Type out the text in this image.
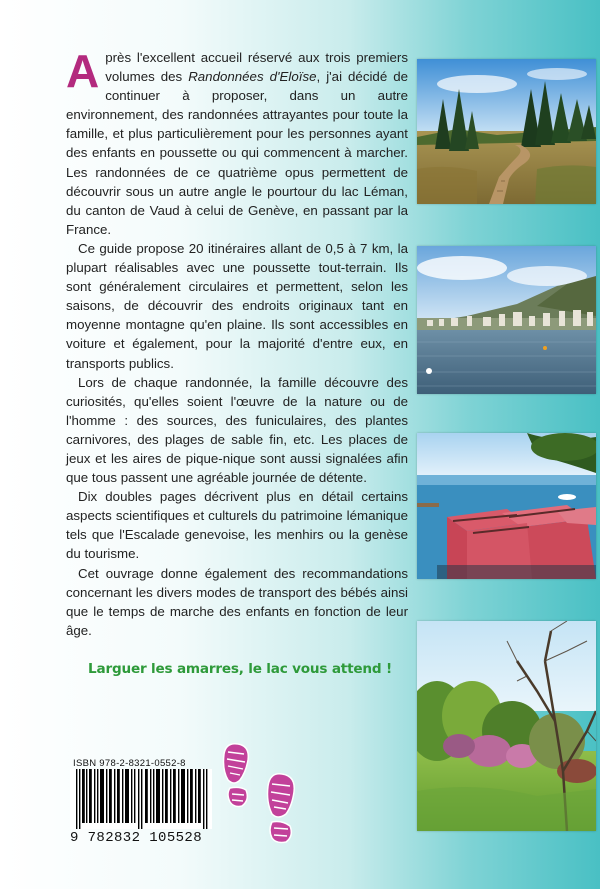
Après l'excellent accueil réservé aux trois premiers volumes des Randonnées d'Eloïse, j'ai décidé de continuer à proposer, dans un autre environnement, des randonnées attrayantes pour toute la famille, et plus particulièrement pour les personnes ayant des enfants en poussette ou qui commencent à marcher. Les randonnées de ce quatrième opus permettent de découvrir sous un autre angle le pourtour du lac Léman, du canton de Vaud à celui de Genève, en passant par la France.

Ce guide propose 20 itinéraires allant de 0,5 à 7 km, la plupart réalisables avec une poussette tout-terrain. Ils sont généralement circulaires et permettent, selon les saisons, de découvrir des endroits originaux tant en moyenne montagne qu'en plaine. Ils sont accessibles en voiture et également, pour la majorité d'entre eux, en transports publics.

Lors de chaque randonnée, la famille découvre des curiosités, qu'elles soient l'œuvre de la nature ou de l'homme : des sources, des funiculaires, des plantes carnivores, des plages de sable fin, etc. Les places de jeux et les aires de pique-nique sont aussi signalées afin que tous passent une agréable journée de détente.

Dix doubles pages décrivent plus en détail certains aspects scientifiques et culturels du patrimoine lémanique tels que l'Escalade genevoise, les menhirs ou la genèse du tourisme.

Cet ouvrage donne également des recommandations concernant les divers modes de transport des bébés ainsi que le temps de marche des enfants en fonction de leur âge.

Larguer les amarres, le lac vous attend !
ISBN 978-2-8321-0552-8
9 782832 105528
